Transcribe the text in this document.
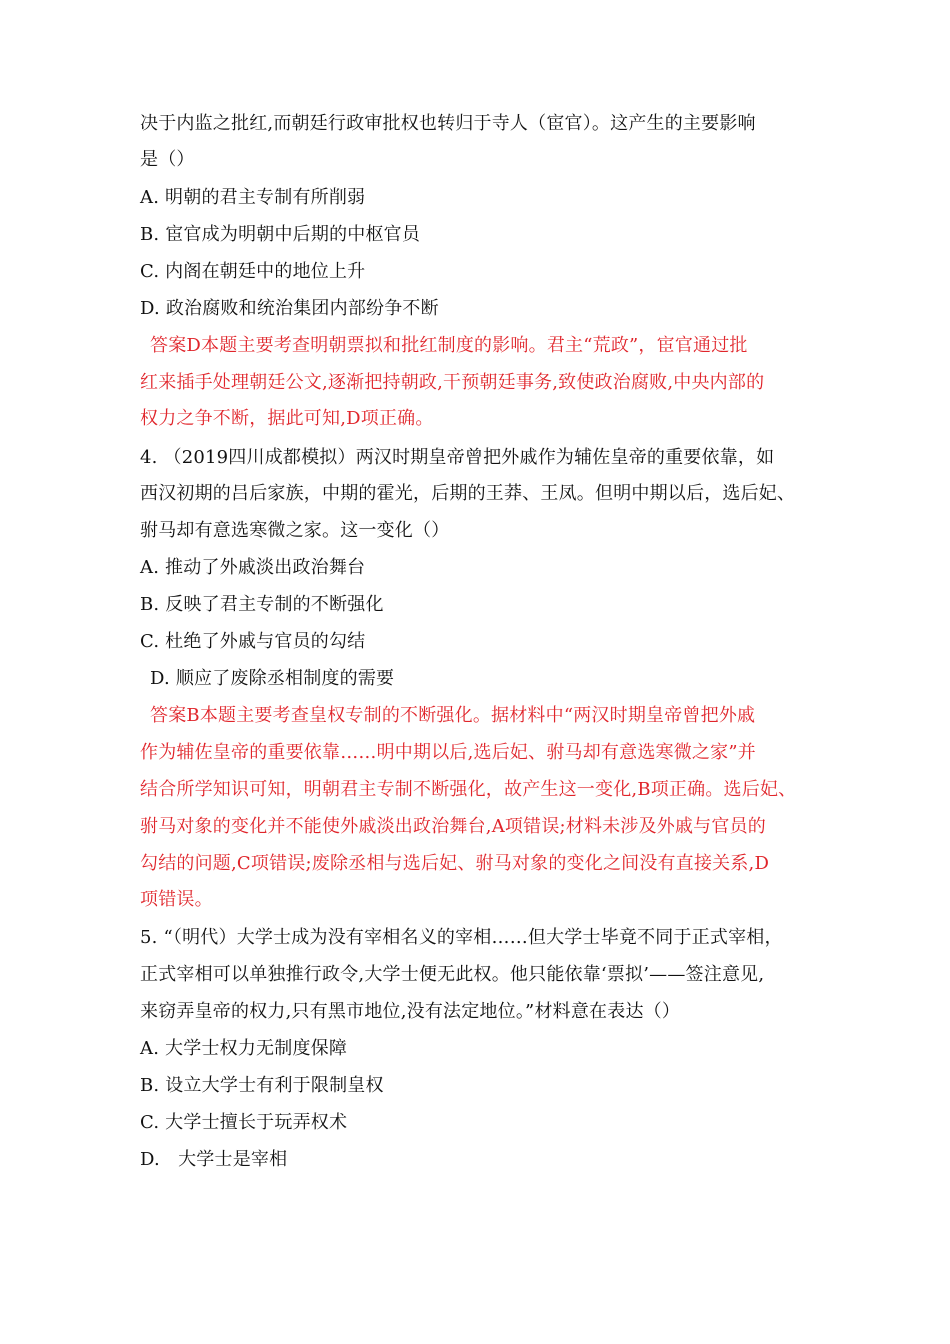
决于内监之批红,而朝廷行政审批权也转归于寺人（宦官）。这产生的主要影响
是（）
A. 明朝的君主专制有所削弱
B. 宦官成为明朝中后期的中枢官员
C. 内阁在朝廷中的地位上升
D. 政治腐败和统治集团内部纷争不断
答案D本题主要考查明朝票拟和批红制度的影响。君主“荒政”，宦官通过批
红来插手处理朝廷公文,逐渐把持朝政,干预朝廷事务,致使政治腐败,中央内部的
权力之争不断，据此可知,D项正确。
4. （2019四川成都模拟）两汉时期皇帝曾把外戚作为辅佐皇帝的重要依靠，如
西汉初期的吕后家族，中期的霍光，后期的王莽、王凤。但明中期以后，选后妃、
驸马却有意选寒微之家。这一变化（）
A. 推动了外戚淡出政治舞台
B. 反映了君主专制的不断强化
C. 杜绝了外戚与官员的勾结
D. 顺应了废除丞相制度的需要
答案B本题主要考查皇权专制的不断强化。据材料中“两汉时期皇帝曾把外戚
作为辅佐皇帝的重要依靠……明中期以后,选后妃、驸马却有意选寒微之家”并
结合所学知识可知，明朝君主专制不断强化，故产生这一变化,B项正确。选后妃、
驸马对象的变化并不能使外戚淡出政治舞台,A项错误;材料未涉及外戚与官员的
勾结的问题,C项错误;废除丞相与选后妃、驸马对象的变化之间没有直接关系,D
项错误。
5. “（明代）大学士成为没有宰相名义的宰相……但大学士毕竟不同于正式宰相，
正式宰相可以单独推行政令,大学士便无此权。他只能依靠‘票拟’——签注意见,
来窃弄皇帝的权力,只有黑市地位,没有法定地位。”材料意在表达（）
A. 大学士权力无制度保障
B. 设立大学士有利于限制皇权
C. 大学士擅长于玩弄权术
D.　大学士是宰相
